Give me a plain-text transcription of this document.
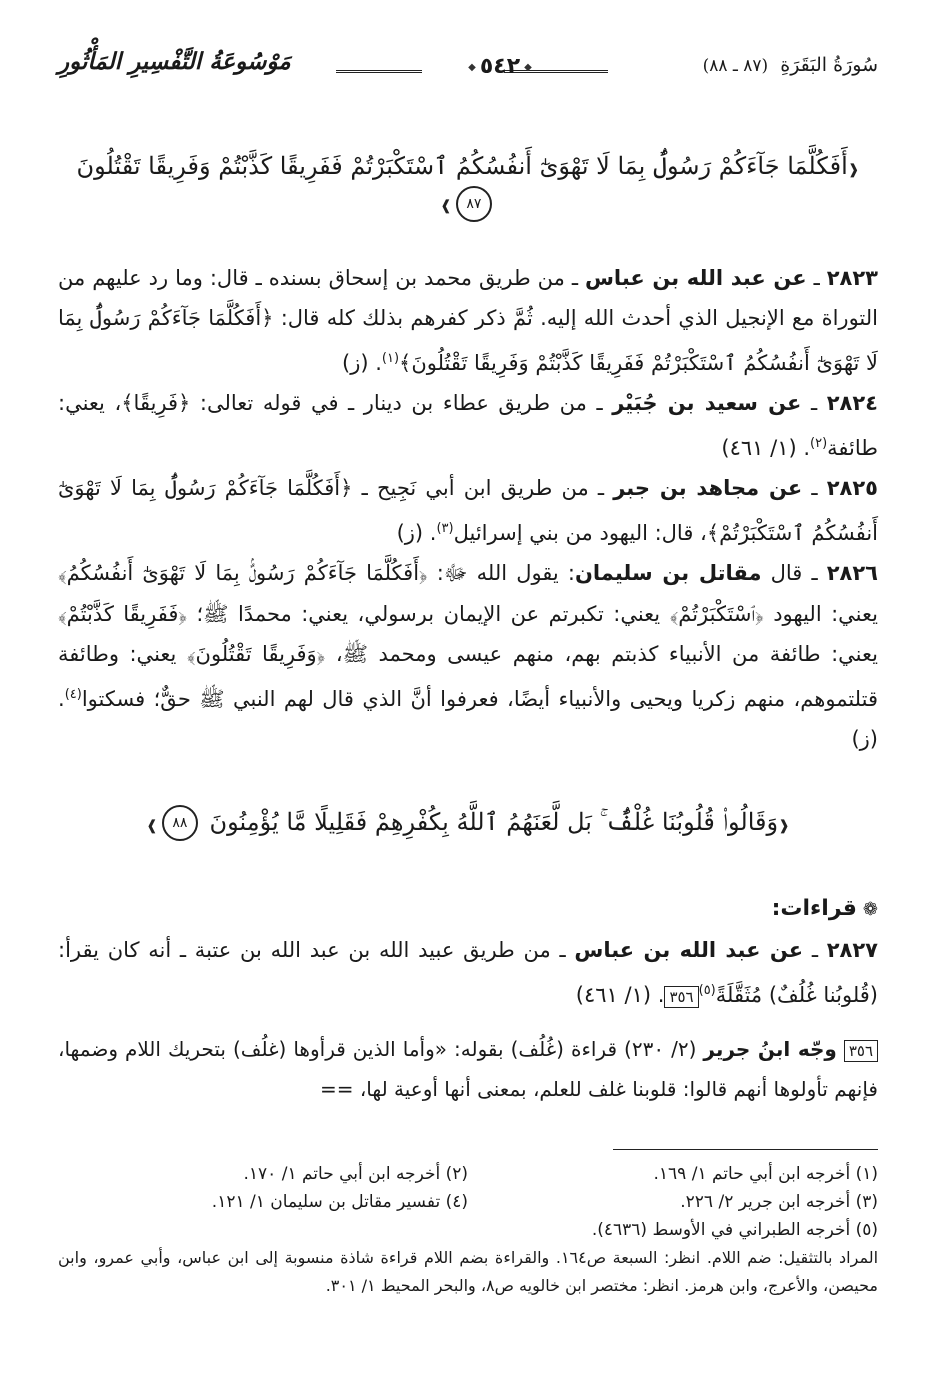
سُورَةُ البَقَرَةِ (٨٧ ـ ٨٨)
◆ ٥٤٢ ◆
مَوْسُوعَةُ التَّفْسِيرِ المَأْثُورِ
❰أَفَكُلَّمَا جَآءَكُمْ رَسُولٌۢ بِمَا لَا تَهْوَىٰٓ أَنفُسُكُمُ ٱسْتَكْبَرْتُمْ فَفَرِيقًا كَذَّبْتُمْ وَفَرِيقًا تَقْتُلُونَ ٨٧❱

٢٨٢٣ ـ عن عبد الله بن عباس ـ من طريق محمد بن إسحاق بسنده ـ قال: وما رد عليهم من التوراة مع الإنجيل الذي أحدث الله إليه. ثُمَّ ذكر كفرهم بذلك كله قال: ﴿أَفَكُلَّمَا جَآءَكُمْ رَسُولٌۢ بِمَا لَا تَهْوَىٰٓ أَنفُسُكُمُ ٱسْتَكْبَرْتُمْ فَفَرِيقًا كَذَّبْتُمْ وَفَرِيقًا تَقْتُلُونَ﴾$^{(١)}$. (ز)

٢٨٢٤ ـ عن سعيد بن جُبَيْر ـ من طريق عطاء بن دينار ـ في قوله تعالى: ﴿فَرِيقًا﴾، يعني: طائفة$^{(٢)}$. (١/ ٤٦١)

٢٨٢٥ ـ عن مجاهد بن جبر ـ من طريق ابن أبي نَجِيح ـ ﴿أَفَكُلَّمَا جَآءَكُمْ رَسُولٌۢ بِمَا لَا تَهْوَىٰٓ أَنفُسُكُمُ ٱسْتَكْبَرْتُمْ﴾، قال: اليهود من بني إسرائيل$^{(٣)}$. (ز)

٢٨٢٦ ـ قال مقاتل بن سليمان: يقول الله ﷻ: ﴿أَفَكُلَّمَا جَآءَكُمْ رَسُولٌۢ بِمَا لَا تَهْوَىٰٓ أَنفُسُكُمُ﴾ يعني: اليهود ﴿ٱسْتَكْبَرْتُمْ﴾ يعني: تكبرتم عن الإيمان برسولي، يعني: محمدًا ﷺ؛ ﴿فَفَرِيقًا كَذَّبْتُمْ﴾ يعني: طائفة من الأنبياء كذبتم بهم، منهم عيسى ومحمد ﷺ، ﴿وَفَرِيقًا تَقْتُلُونَ﴾ يعني: وطائفة قتلتموهم، منهم زكريا ويحيى والأنبياء أيضًا، فعرفوا أنَّ الذي قال لهم النبي ﷺ حقٌّ؛ فسكتوا$^{(٤)}$. (ز)

❰وَقَالُوا۟ قُلُوبُنَا غُلْفٌۢ ۚ بَل لَّعَنَهُمُ ٱللَّهُ بِكُفْرِهِمْ فَقَلِيلًا مَّا يُؤْمِنُونَ ٨٨❱
❁قراءات:

٢٨٢٧ ـ عن عبد الله بن عباس ـ من طريق عبيد الله بن عبد الله بن عتبة ـ أنه كان يقرأ: (قُلوبُنا غُلُفٌ) مُثَقَّلَةً$^{(٥)}$٣٥٦. (١/ ٤٦١)

٣٥٦ وجّه ابنُ جرير (٢/ ٢٣٠) قراءة (غُلُف) بقوله: «وأما الذين قرأوها (غلُف) بتحريك اللام وضمها، فإنهم تأولوها أنهم قالوا: قلوبنا غلف للعلم، بمعنى أنها أوعية لها، ==

(١) أخرجه ابن أبي حاتم ١/ ١٦٩.
(٢) أخرجه ابن أبي حاتم ١/ ١٧٠.
(٣) أخرجه ابن جرير ٢/ ٢٢٦.
(٤) تفسير مقاتل بن سليمان ١/ ١٢١.
(٥) أخرجه الطبراني في الأوسط (٤٦٣٦).
المراد بالتثقيل: ضم اللام. انظر: السبعة ص١٦٤. والقراءة بضم اللام قراءة شاذة منسوبة إلى ابن عباس، وأبي عمرو، وابن محيصن، والأعرج، وابن هرمز. انظر: مختصر ابن خالويه ص٨، والبحر المحيط ١/ ٣٠١.
